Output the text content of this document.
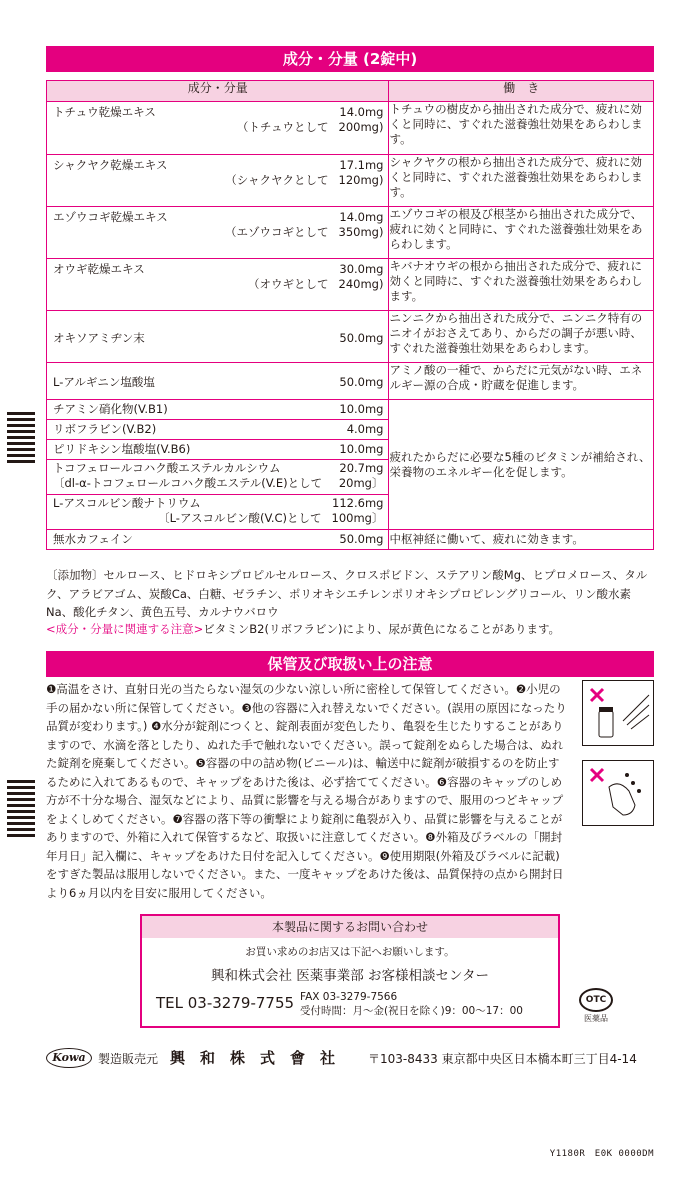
成分・分量 (2錠中)
成分・分量	働　き

トチュウ乾燥エキス 14.0mg
（トチュウとして 200mg)	トチュウの樹皮から抽出された成分で、疲れに効くと同時に、すぐれた滋養強壮効果をあらわします。

シャクヤク乾燥エキス 17.1mg
（シャクヤクとして 120mg)	シャクヤクの根から抽出された成分で、疲れに効くと同時に、すぐれた滋養強壮効果をあらわします。

エゾウコギ乾燥エキス 14.0mg
（エゾウコギとして 350mg)	エゾウコギの根及び根茎から抽出された成分で、疲れに効くと同時に、すぐれた滋養強壮効果をあらわします。

オウギ乾燥エキス 30.0mg
（オウギとして 240mg)	キバナオウギの根から抽出された成分で、疲れに効くと同時に、すぐれた滋養強壮効果をあらわします。

オキソアミヂン末 50.0mg	ニンニクから抽出された成分で、ニンニク特有のニオイがおさえてあり、からだの調子が悪い時、すぐれた滋養強壮効果をあらわします。

L-アルギニン塩酸塩 50.0mg	アミノ酸の一種で、からだに元気がない時、エネルギー源の合成・貯蔵を促進します。

チアミン硝化物(V.B1) 10.0mg	疲れたからだに必要な5種のビタミンが補給され、栄養物のエネルギー化を促します。

リボフラビン(V.B2) 4.0mg	

ピリドキシン塩酸塩(V.B6) 10.0mg	

トコフェロールコハク酸エステルカルシウム 20.7mg
〔dl-α-トコフェロールコハク酸エステル(V.E)として 20mg〕	

L-アスコルビン酸ナトリウム 112.6mg
〔L-アスコルビン酸(V.C)として 100mg〕	

無水カフェイン 50.0mg	中枢神経に働いて、疲れに効きます。
〔添加物〕セルロース、ヒドロキシプロピルセルロース、クロスポビドン、ステアリン酸Mg、ヒプロメロース、タルク、アラビアゴム、炭酸Ca、白糖、ゼラチン、ポリオキシエチレンポリオキシプロピレングリコール、リン酸水素Na、酸化チタン、黄色五号、カルナウバロウ
<成分・分量に関連する注意>ビタミンB2(リボフラビン)により、尿が黄色になることがあります。
保管及び取扱い上の注意
❶高温をさけ、直射日光の当たらない湿気の少ない涼しい所に密栓して保管してください。❷小児の手の届かない所に保管してください。❸他の容器に入れ替えないでください。(誤用の原因になったり品質が変わります。) ❹水分が錠剤につくと、錠剤表面が変色したり、亀裂を生じたりすることがありますので、水滴を落としたり、ぬれた手で触れないでください。誤って錠剤をぬらした場合は、ぬれた錠剤を廃棄してください。❺容器の中の詰め物(ビニール)は、輸送中に錠剤が破損するのを防止するために入れてあるもので、キャップをあけた後は、必ず捨ててください。❻容器のキャップのしめ方が不十分な場合、湿気などにより、品質に影響を与える場合がありますので、服用のつどキャップをよくしめてください。❼容器の落下等の衝撃により錠剤に亀裂が入り、品質に影響を与えることがありますので、外箱に入れて保管するなど、取扱いに注意してください。❽外箱及びラベルの「開封年月日」記入欄に、キャップをあけた日付を記入してください。❾使用期限(外箱及びラベルに記載)をすぎた製品は服用しないでください。また、一度キャップをあけた後は、品質保持の点から開封日より6ヵ月以内を目安に服用してください。
本製品に関するお問い合わせ
お買い求めのお店又は下記へお願いします。
興和株式会社 医薬事業部 お客様相談センター
TEL 03-3279-7755 FAX 03-3279-7566
受付時間：月～金(祝日を除く)9：00～17：00
OTC
医薬品
Kowa	製造販売元 興　和　株　式　會　社	〒103-8433 東京都中央区日本橋本町三丁目4-14
Y1180R　E0K 0000DM
